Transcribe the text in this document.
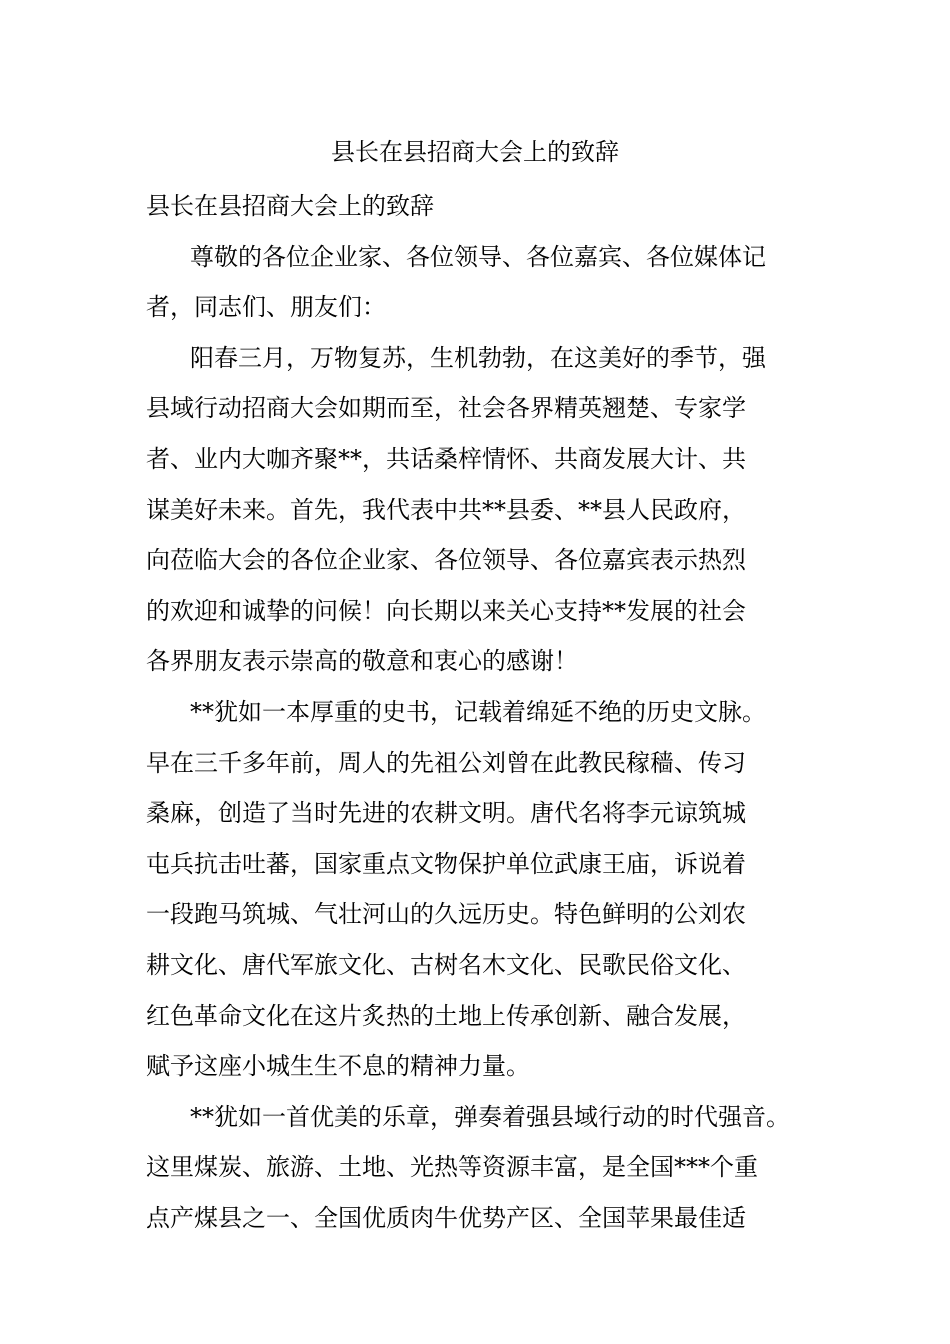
县长在县招商大会上的致辞

县长在县招商大会上的致辞

尊敬的各位企业家、各位领导、各位嘉宾、各位媒体记

者，同志们、朋友们：

阳春三月，万物复苏，生机勃勃，在这美好的季节，强

县域行动招商大会如期而至，社会各界精英翘楚、专家学

者、业内大咖齐聚**，共话桑梓情怀、共商发展大计、共

谋美好未来。首先，我代表中共**县委、**县人民政府，

向莅临大会的各位企业家、各位领导、各位嘉宾表示热烈

的欢迎和诚挚的问候！向长期以来关心支持**发展的社会

各界朋友表示崇高的敬意和衷心的感谢！

**犹如一本厚重的史书，记载着绵延不绝的历史文脉。

早在三千多年前，周人的先祖公刘曾在此教民稼穑、传习

桑麻，创造了当时先进的农耕文明。唐代名将李元谅筑城

屯兵抗击吐蕃，国家重点文物保护单位武康王庙，诉说着

一段跑马筑城、气壮河山的久远历史。特色鲜明的公刘农

耕文化、唐代军旅文化、古树名木文化、民歌民俗文化、

红色革命文化在这片炙热的土地上传承创新、融合发展，

赋予这座小城生生不息的精神力量。

**犹如一首优美的乐章，弹奏着强县域行动的时代强音。

这里煤炭、旅游、土地、光热等资源丰富，是全国***个重

点产煤县之一、全国优质肉牛优势产区、全国苹果最佳适
